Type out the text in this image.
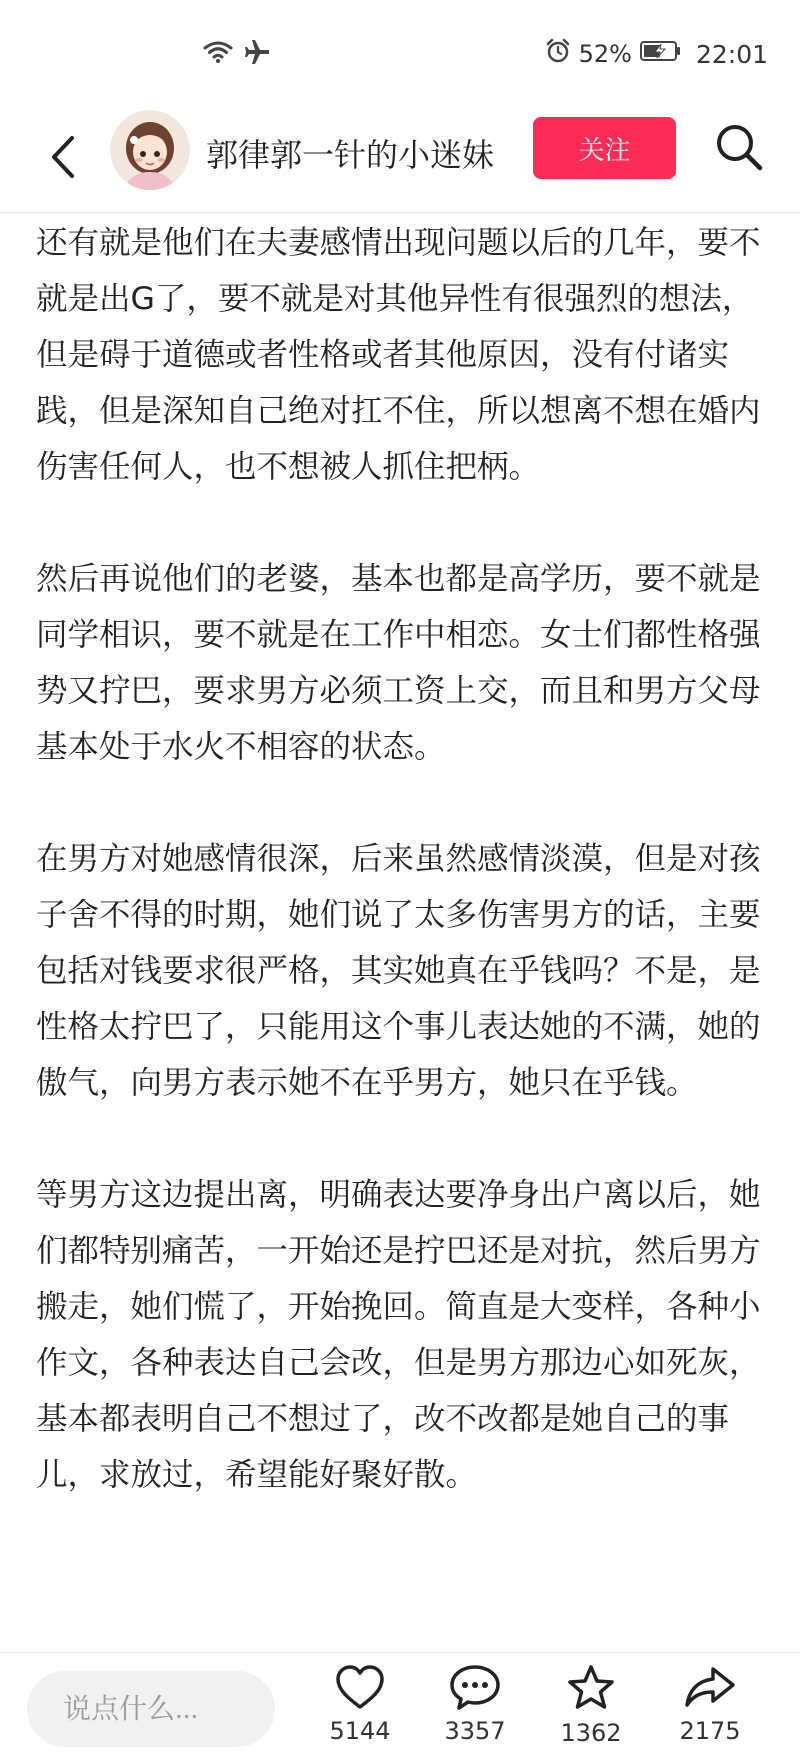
52%	22:01
郭律郭一针的小迷妹	关注

还有就是他们在夫妻感情出现问题以后的几年，要不就是出G了，要不就是对其他异性有很强烈的想法，但是碍于道德或者性格或者其他原因，没有付诸实践，但是深知自己绝对扛不住，所以想离不想在婚内伤害任何人，也不想被人抓住把柄。

然后再说他们的老婆，基本也都是高学历，要不就是同学相识，要不就是在工作中相恋。女士们都性格强势又拧巴，要求男方必须工资上交，而且和男方父母基本处于水火不相容的状态。

在男方对她感情很深，后来虽然感情淡漠，但是对孩子舍不得的时期，她们说了太多伤害男方的话，主要包括对钱要求很严格，其实她真在乎钱吗？不是，是性格太拧巴了，只能用这个事儿表达她的不满，她的傲气，向男方表示她不在乎男方，她只在乎钱。

等男方这边提出离，明确表达要净身出户离以后，她们都特别痛苦，一开始还是拧巴还是对抗，然后男方搬走，她们慌了，开始挽回。简直是大变样，各种小作文，各种表达自己会改，但是男方那边心如死灰，基本都表明自己不想过了，改不改都是她自己的事儿，求放过，希望能好聚好散。

说点什么...
5144	3357	1362	2175
